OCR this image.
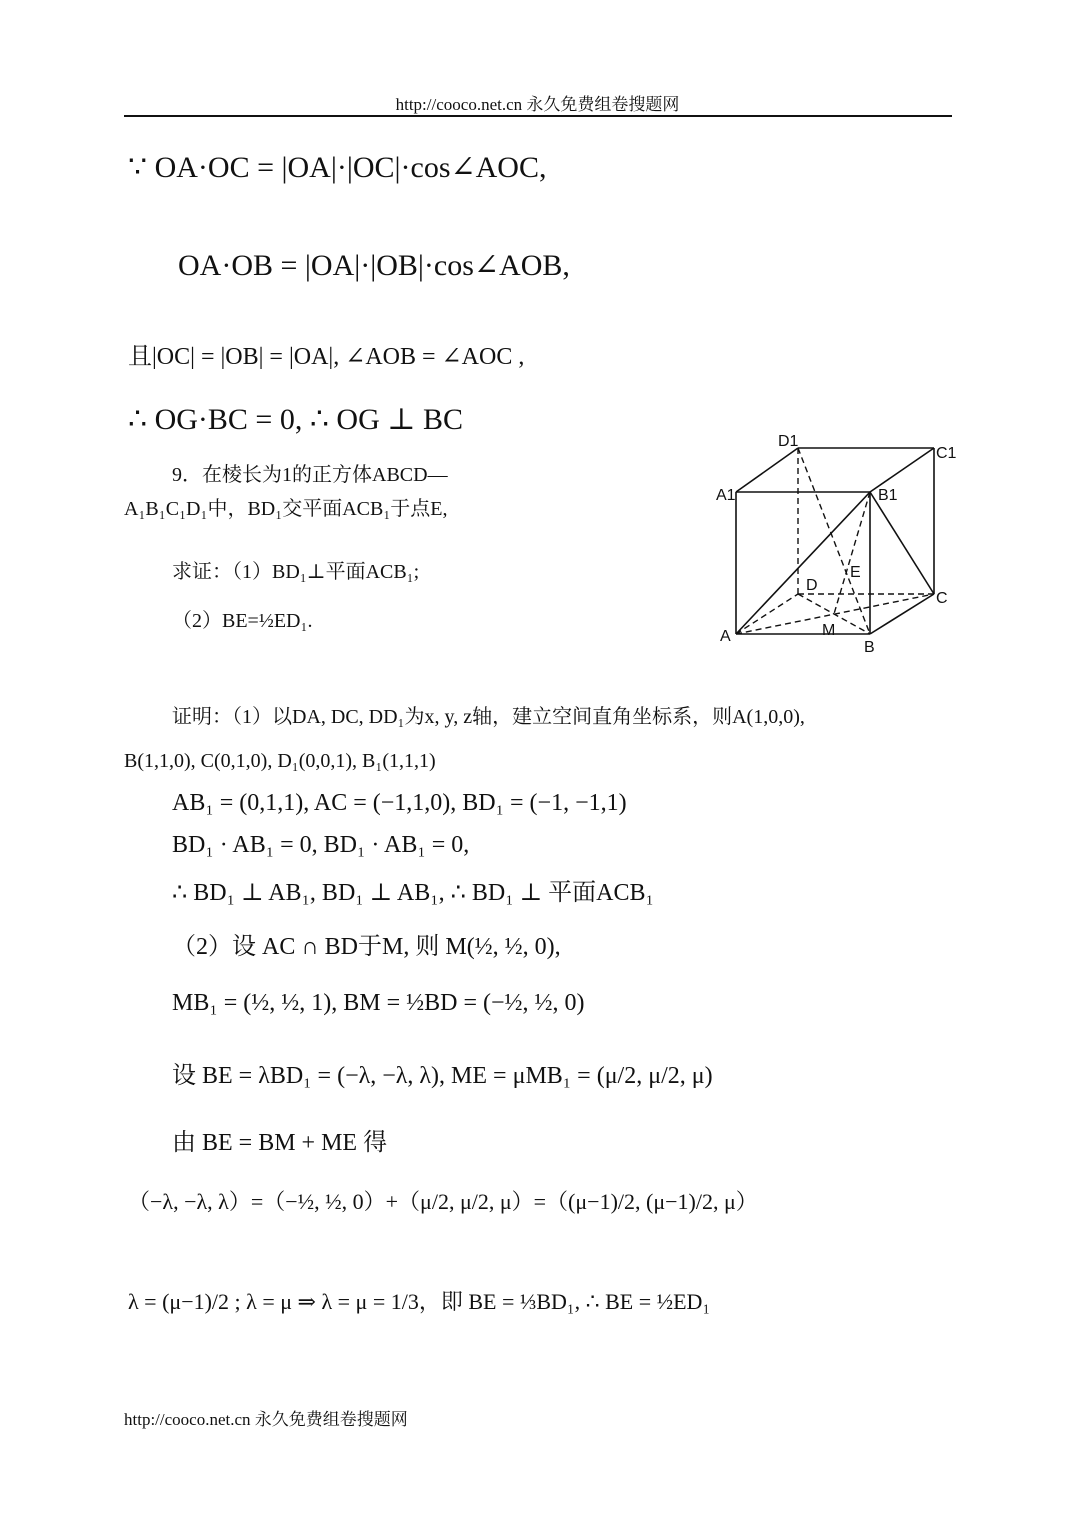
http://cooco.net.cn 永久免费组卷搜题网
∵ OA·OC = |OA|·|OC|·cos∠AOC,
OA·OB = |OA|·|OB|·cos∠AOB,
且|OC| = |OB| = |OA|, ∠AOB = ∠AOC ,
∴ OG·BC = 0, ∴ OG ⊥ BC
9．在棱长为1的正方体ABCD—
A₁B₁C₁D₁中，BD₁交平面ACB₁于点E,
求证：（1）BD₁⊥平面ACB₁;
（2）BE=½ED₁.
D1
C1
A1	B1
E
D
C
A	M
B
证明：（1）以DA, DC, DD₁为x, y, z轴，建立空间直角坐标系，则A(1,0,0),
B(1,1,0), C(0,1,0), D₁(0,0,1), B₁(1,1,1)
AB₁ = (0,1,1), AC = (−1,1,0), BD₁ = (−1, −1,1)
BD₁ · AB₁ = 0, BD₁ · AB₁ = 0,
∴ BD₁ ⊥ AB₁, BD₁ ⊥ AB₁, ∴ BD₁ ⊥ 平面ACB₁
（2）设 AC ∩ BD于M, 则 M(½, ½, 0),
MB₁ = (½, ½, 1), BM = ½BD = (−½, ½, 0)
设 BE = λBD₁ = (−λ, −λ, λ), ME = μMB₁ = (μ/2, μ/2, μ)
由 BE = BM + ME 得
（−λ, −λ, λ）=（−½, ½, 0）+（μ/2, μ/2, μ）=（(μ−1)/2, (μ−1)/2, μ）
λ = (μ−1)/2 ; λ = μ ⇒ λ = μ = 1/3，即 BE = ⅓BD₁, ∴ BE = ½ED₁
http://cooco.net.cn 永久免费组卷搜题网
